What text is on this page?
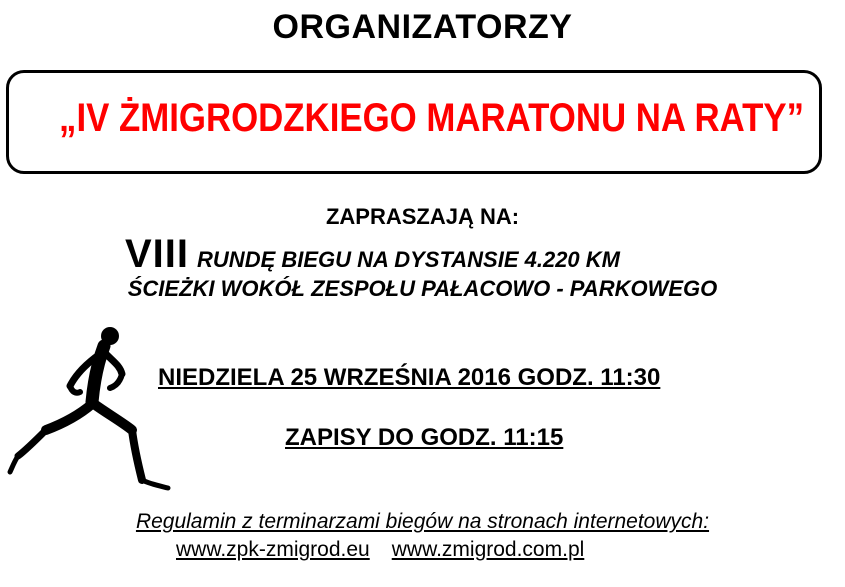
ORGANIZATORZY
„IV ŻMIGRODZKIEGO MARATONU NA RATY”
ZAPRASZAJĄ NA:
VIII RUNDĘ BIEGU NA DYSTANSIE 4.220 KM
ŚCIEŻKI WOKÓŁ ZESPOŁU PAŁACOWO - PARKOWEGO
NIEDZIELA 25 WRZEŚNIA 2016 GODZ. 11:30
ZAPISY DO GODZ. 11:15
Regulamin z terminarzami biegów na stronach internetowych:
www.zpk-zmigrod.eu www.zmigrod.com.pl
